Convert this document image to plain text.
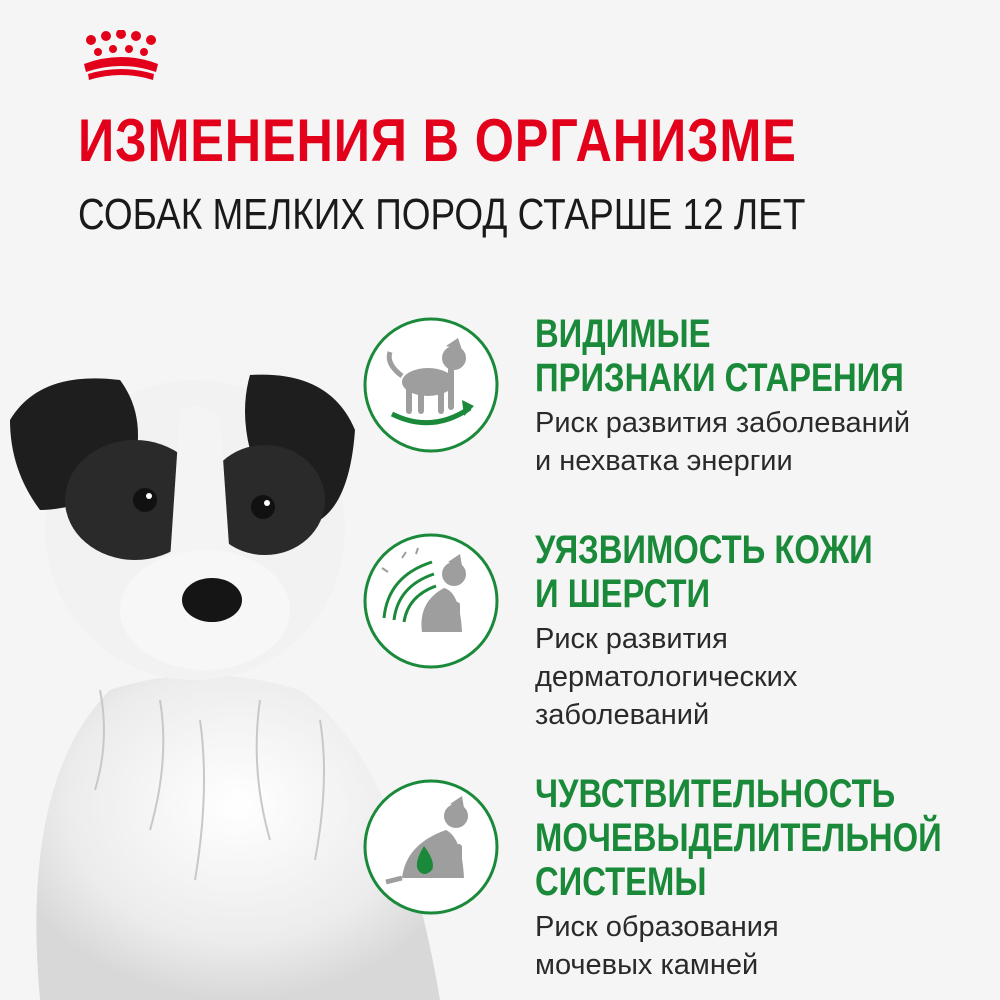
ИЗМЕНЕНИЯ В ОРГАНИЗМЕ
СОБАК МЕЛКИХ ПОРОД СТАРШЕ 12 ЛЕТ
ВИДИМЫЕ
ПРИЗНАКИ СТАРЕНИЯ
Риск развития заболеваний
и нехватка энергии
УЯЗВИМОСТЬ КОЖИ
И ШЕРСТИ
Риск развития
дерматологических
заболеваний
ЧУВСТВИТЕЛЬНОСТЬ
МОЧЕВЫДЕЛИТЕЛЬНОЙ
СИСТЕМЫ
Риск образования
мочевых камней
